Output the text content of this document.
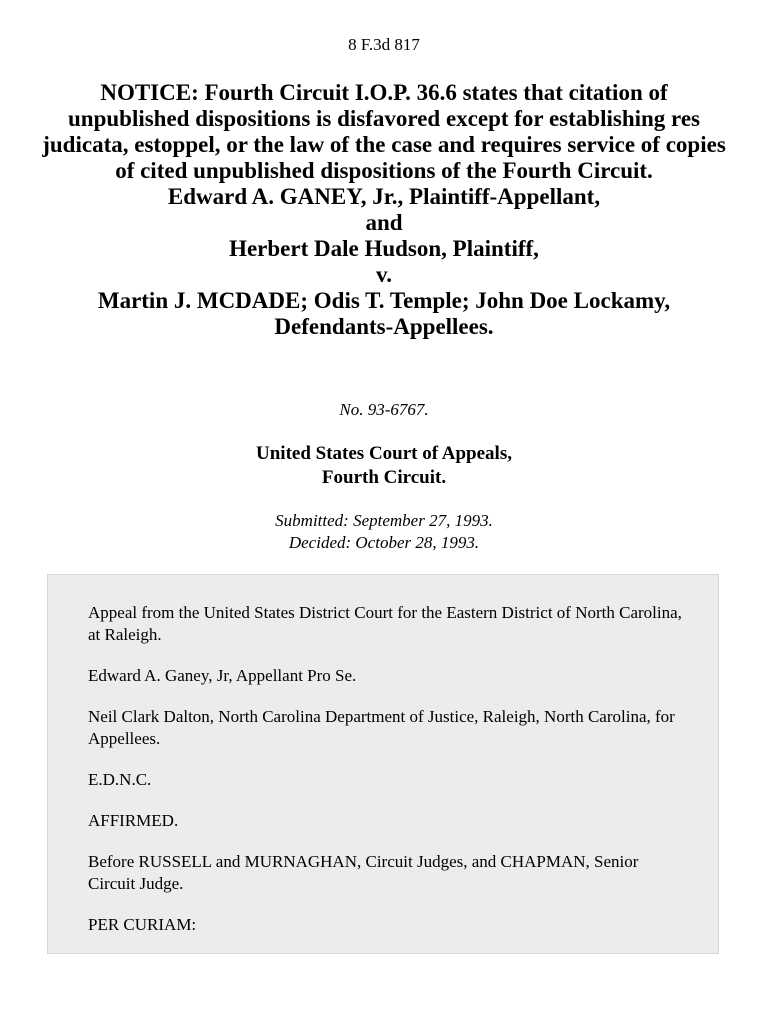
8 F.3d 817
NOTICE: Fourth Circuit I.O.P. 36.6 states that citation of unpublished dispositions is disfavored except for establishing res judicata, estoppel, or the law of the case and requires service of copies of cited unpublished dispositions of the Fourth Circuit.
Edward A. GANEY, Jr., Plaintiff-Appellant,
and
Herbert Dale Hudson, Plaintiff,
v.
Martin J. MCDADE; Odis T. Temple; John Doe Lockamy, Defendants-Appellees.
No. 93-6767.
United States Court of Appeals,
Fourth Circuit.
Submitted: September 27, 1993.
Decided: October 28, 1993.

Appeal from the United States District Court for the Eastern District of North Carolina, at Raleigh.

Edward A. Ganey, Jr, Appellant Pro Se.

Neil Clark Dalton, North Carolina Department of Justice, Raleigh, North Carolina, for Appellees.

E.D.N.C.

AFFIRMED.

Before RUSSELL and MURNAGHAN, Circuit Judges, and CHAPMAN, Senior Circuit Judge.

PER CURIAM:
